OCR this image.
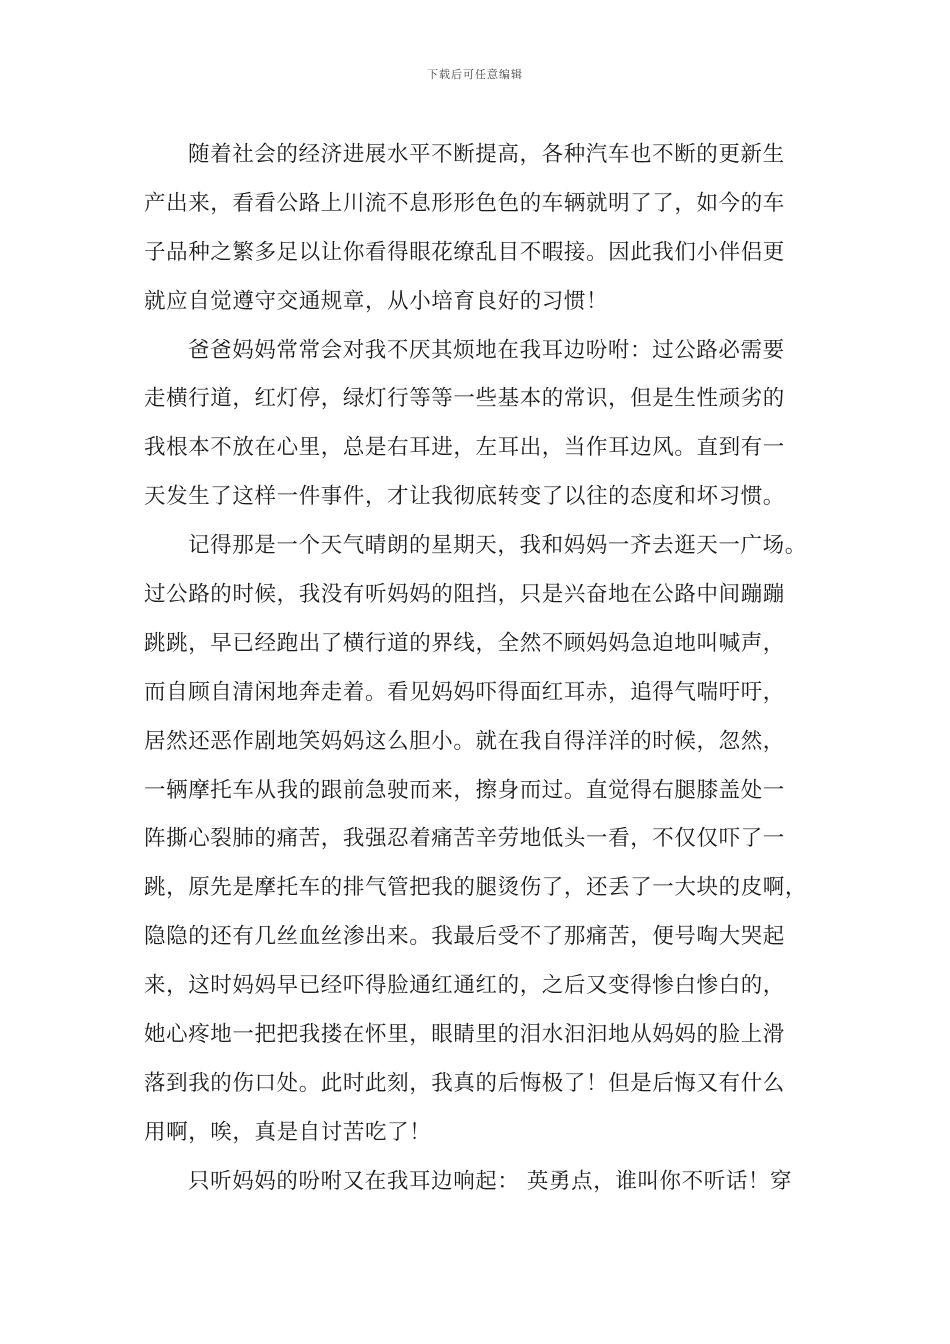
下载后可任意编辑
随着社会的经济进展水平不断提高，各种汽车也不断的更新生
产出来，看看公路上川流不息形形色色的车辆就明了了，如今的车
子品种之繁多足以让你看得眼花缭乱目不暇接。因此我们小伴侣更
就应自觉遵守交通规章，从小培育良好的习惯！
爸爸妈妈常常会对我不厌其烦地在我耳边吩咐：过公路必需要
走横行道，红灯停，绿灯行等等一些基本的常识，但是生性顽劣的
我根本不放在心里，总是右耳进，左耳出，当作耳边风。直到有一
天发生了这样一件事件，才让我彻底转变了以往的态度和坏习惯。
记得那是一个天气晴朗的星期天，我和妈妈一齐去逛天一广场。
过公路的时候，我没有听妈妈的阻挡，只是兴奋地在公路中间蹦蹦
跳跳，早已经跑出了横行道的界线，全然不顾妈妈急迫地叫喊声，
而自顾自清闲地奔走着。看见妈妈吓得面红耳赤，追得气喘吁吁，
居然还恶作剧地笑妈妈这么胆小。就在我自得洋洋的时候，忽然，
一辆摩托车从我的跟前急驶而来，擦身而过。直觉得右腿膝盖处一
阵撕心裂肺的痛苦，我强忍着痛苦辛劳地低头一看，不仅仅吓了一
跳，原先是摩托车的排气管把我的腿烫伤了，还丢了一大块的皮啊，
隐隐的还有几丝血丝渗出来。我最后受不了那痛苦，便号啕大哭起
来，这时妈妈早已经吓得脸通红通红的，之后又变得惨白惨白的，
她心疼地一把把我搂在怀里，眼睛里的泪水汩汩地从妈妈的脸上滑
落到我的伤口处。此时此刻，我真的后悔极了！但是后悔又有什么
用啊，唉，真是自讨苦吃了！
只听妈妈的吩咐又在我耳边响起： 英勇点，谁叫你不听话！穿
